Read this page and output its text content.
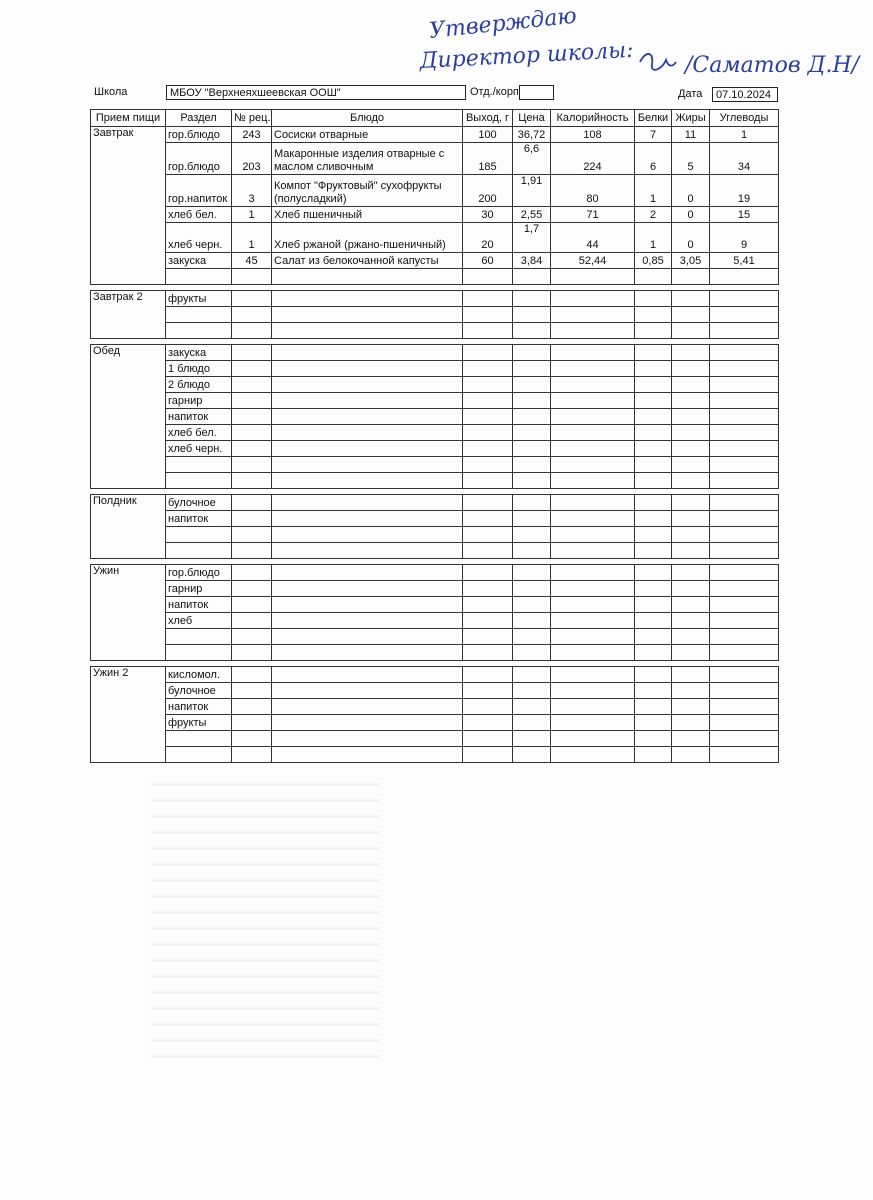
Утверждаю
Директор школы: /Саматов Д.Н/
Школа	МБОУ "Верхнеяхшеевская ООШ"	Отд./корп	Дата	07.10.2024
Прием пищи	Раздел	№ рец.	Блюдо	Выход, г	Цена	Калорийность	Белки	Жиры	Углеводы
Завтрак	гор.блюдо	243	Сосиски отварные	100	36,72	108	7	11	1
	гор.блюдо	203	Макаронные изделия отварные с маслом сливочным	185	6,6	224	6	5	34
	гор.напиток	3	Компот "Фруктовый" сухофрукты (полусладкий)	200	1,91	80	1	0	19
	хлеб бел.	1	Хлеб пшеничный	30	2,55	71	2	0	15
	хлеб черн.	1	Хлеб ржаной (ржано-пшеничный)	20	1,7	44	1	0	9
	закуска	45	Салат из белокочанной капусты	60	3,84	52,44	0,85	3,05	5,41

Завтрак 2	фрукты								

Обед	закуска								
	1 блюдо								
	2 блюдо								
	гарнир								
	напиток								
	хлеб бел.								
	хлеб черн.								

Полдник	булочное								
	напиток								

Ужин	гор.блюдо								
	гарнир								
	напиток								
	хлеб								

Ужин 2	кисломол.								
	булочное								
	напиток								
	фрукты								
